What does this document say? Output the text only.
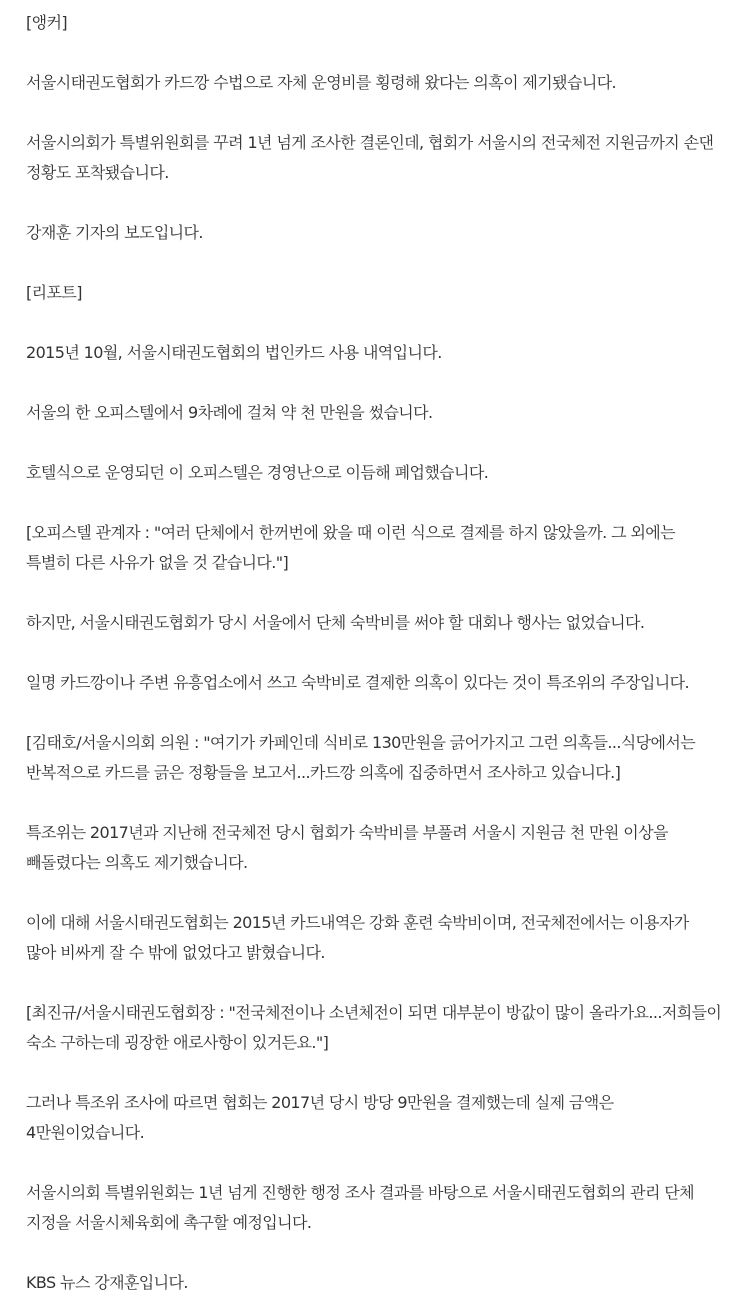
[앵커]

서울시태권도협회가 카드깡 수법으로 자체 운영비를 횡령해 왔다는 의혹이 제기됐습니다.

서울시의회가 특별위원회를 꾸려 1년 넘게 조사한 결론인데, 협회가 서울시의 전국체전 지원금까지 손댄 정황도 포착됐습니다.

강재훈 기자의 보도입니다.

[리포트]

2015년 10월, 서울시태권도협회의 법인카드 사용 내역입니다.

서울의 한 오피스텔에서 9차례에 걸쳐 약 천 만원을 썼습니다.

호텔식으로 운영되던 이 오피스텔은 경영난으로 이듬해 폐업했습니다.

[오피스텔 관계자 : "여러 단체에서 한꺼번에 왔을 때 이런 식으로 결제를 하지 않았을까. 그 외에는 특별히 다른 사유가 없을 것 같습니다."]

하지만, 서울시태권도협회가 당시 서울에서 단체 숙박비를 써야 할 대회나 행사는 없었습니다.

일명 카드깡이나 주변 유흥업소에서 쓰고 숙박비로 결제한 의혹이 있다는 것이 특조위의 주장입니다.

[김태호/서울시의회 의원 : "여기가 카페인데 식비로 130만원을 긁어가지고 그런 의혹들...식당에서는 반복적으로 카드를 긁은 정황들을 보고서...카드깡 의혹에 집중하면서 조사하고 있습니다.]

특조위는 2017년과 지난해 전국체전 당시 협회가 숙박비를 부풀려 서울시 지원금 천 만원 이상을 빼돌렸다는 의혹도 제기했습니다.

이에 대해 서울시태권도협회는 2015년 카드내역은 강화 훈련 숙박비이며, 전국체전에서는 이용자가 많아 비싸게 잘 수 밖에 없었다고 밝혔습니다.

[최진규/서울시태권도협회장 : "전국체전이나 소년체전이 되면 대부분이 방값이 많이 올라가요...저희들이 숙소 구하는데 굉장한 애로사항이 있거든요."]

그러나 특조위 조사에 따르면 협회는 2017년 당시 방당 9만원을 결제했는데 실제 금액은 4만원이었습니다.

서울시의회 특별위원회는 1년 넘게 진행한 행정 조사 결과를 바탕으로 서울시태권도협회의 관리 단체 지정을 서울시체육회에 촉구할 예정입니다.

KBS 뉴스 강재훈입니다.
